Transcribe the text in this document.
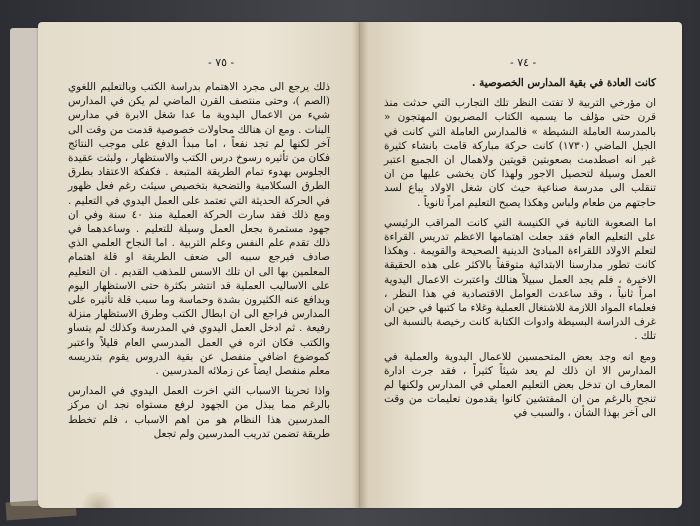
- ٧٥ -

ذلك يرجع الى مجرد الاهتمام بدراسة الكتب وبالتعليم اللغوي (الصم )، وحتى منتصف القرن الماضي لم يكن في المدارس شيء من الاعمال اليدوية ما عدا شغل الابرة في مدارس البنات . ومع ان هنالك محاولات خصوصية قدمت من وقت الى آخر لكنها لم تجد نفعاً ، اما مبدأ الدفع على موجب النتائج فكان من تأثيره رسوخ درس الكتب والاستظهار ، ولبثت عقيدة الجلوس بهدوء تمام الطريقة المتبعة . فكفكة الاعتقاد بطرق الطرق السكلامية والتضحية بتخصيص سيئت رغم فعل ظهور في الحركة الحديثة التي تعتمد على العمل اليدوي في التعليم . ومع ذلك فقد سارت الحركة العملية منذ ٤٠ سنة وفي ان جهود مستمرة بجعل العمل وسيلة للتعليم . وساعدهما في ذلك تقدم علم النفس وعلم التربية . اما النجاح العلمي الذي صادف فيرجع سببه الى ضعف الطريقة او قلة اهتمام المعلمين بها الى ان تلك الاسس للمذهب القديم . ان التعليم على الاساليب العملية قد انتشر بكثرة حتى الاستظهار اليوم ويدافع عنه الكثيرون بشدة وحماسة وما سبب قلة تأثيره على المدارس فراجع الى ان ابطال الكتب وطرق الاستظهار منزلة رفيعة . ثم ادخل العمل اليدوي في المدرسة وكذلك لم يتساو والكتب فكان اثره في العمل المدرسي العام قليلاً واعتبر كموضوع اضافي منفصل عن بقية الدروس يقوم بتدريسه معلم منفصل ايضاً عن زملائه المدرسين .

واذا تحرينا الاسباب التي اخرت العمل اليدوي في المدارس بالرغم مما يبذل من الجهود لرفع مستواه نجد ان مركز المدرسين هذا النظام هو من اهم الاسباب ، فلم تخطط طريقة تضمن تدريب المدرسين ولم تجعل

- ٧٤ -

كانت العادة في بقية المدارس الخصوصية .

ان مؤرخي التربية لا تفتت النظر تلك التجارب التي حدثت منذ قرن حتى مؤلف ما يسميه الكتاب المصريون المهتجون « بالمدرسة العاملة النشيطة » فالمدارس العاملة التي كانت في الجيل الماضي (١٧٣٠) كانت حركة مباركة قامت بانشاء كثيرة غير انه اصطدمت بصعوبتين قويتين ولاهمال ان الجميع اعتبر العمل وسيلة لتحصيل الاجور ولهذا كان يخشى عليها من ان تنقلب الى مدرسة صناعية حيث كان شغل الاولاد يباع لسد حاجتهم من طعام ولباس وهكذا يصبح التعليم امراً ثانوياً .

اما الصعوبة الثانية في الكنيسة التي كانت المراقب الرئيسي على التعليم العام فقد جعلت اهتمامها الاعظم تدريس القراءة لتعلم الاولاد اللقراءة المبادئ الدينية الصحيحة والقويمة . وهكذا كانت تطور مدارسنا الابتدائية متوقفاً بالاكثر على هذه الحقيقة الاخيرة ، فلم يجد العمل سبيلاً هنالك واعتبرت الاعمال اليدوية امراً ثانياً ، وقد ساعدت العوامل الاقتصادية في هذا النظر ، فعلماء المواد اللازمة للاشتغال العملية وغلاء ما كتبها في حين ان غرف الدراسة البسيطة وادوات الكتابة كانت رخيصة بالنسبة الى تلك .

ومع انه وجد بعض المتحمسين للاعمال اليدوية والعملية في المدارس الا ان ذلك لم يعد شيئاً كثيراً ، فقد جرت ادارة المعارف ان تدخل بعض التعليم العملي في المدارس ولكنها لم تنجح بالرغم من ان المفتشين كانوا يقدمون تعليمات من وقت الى آخر بهذا الشأن ، والسبب في
